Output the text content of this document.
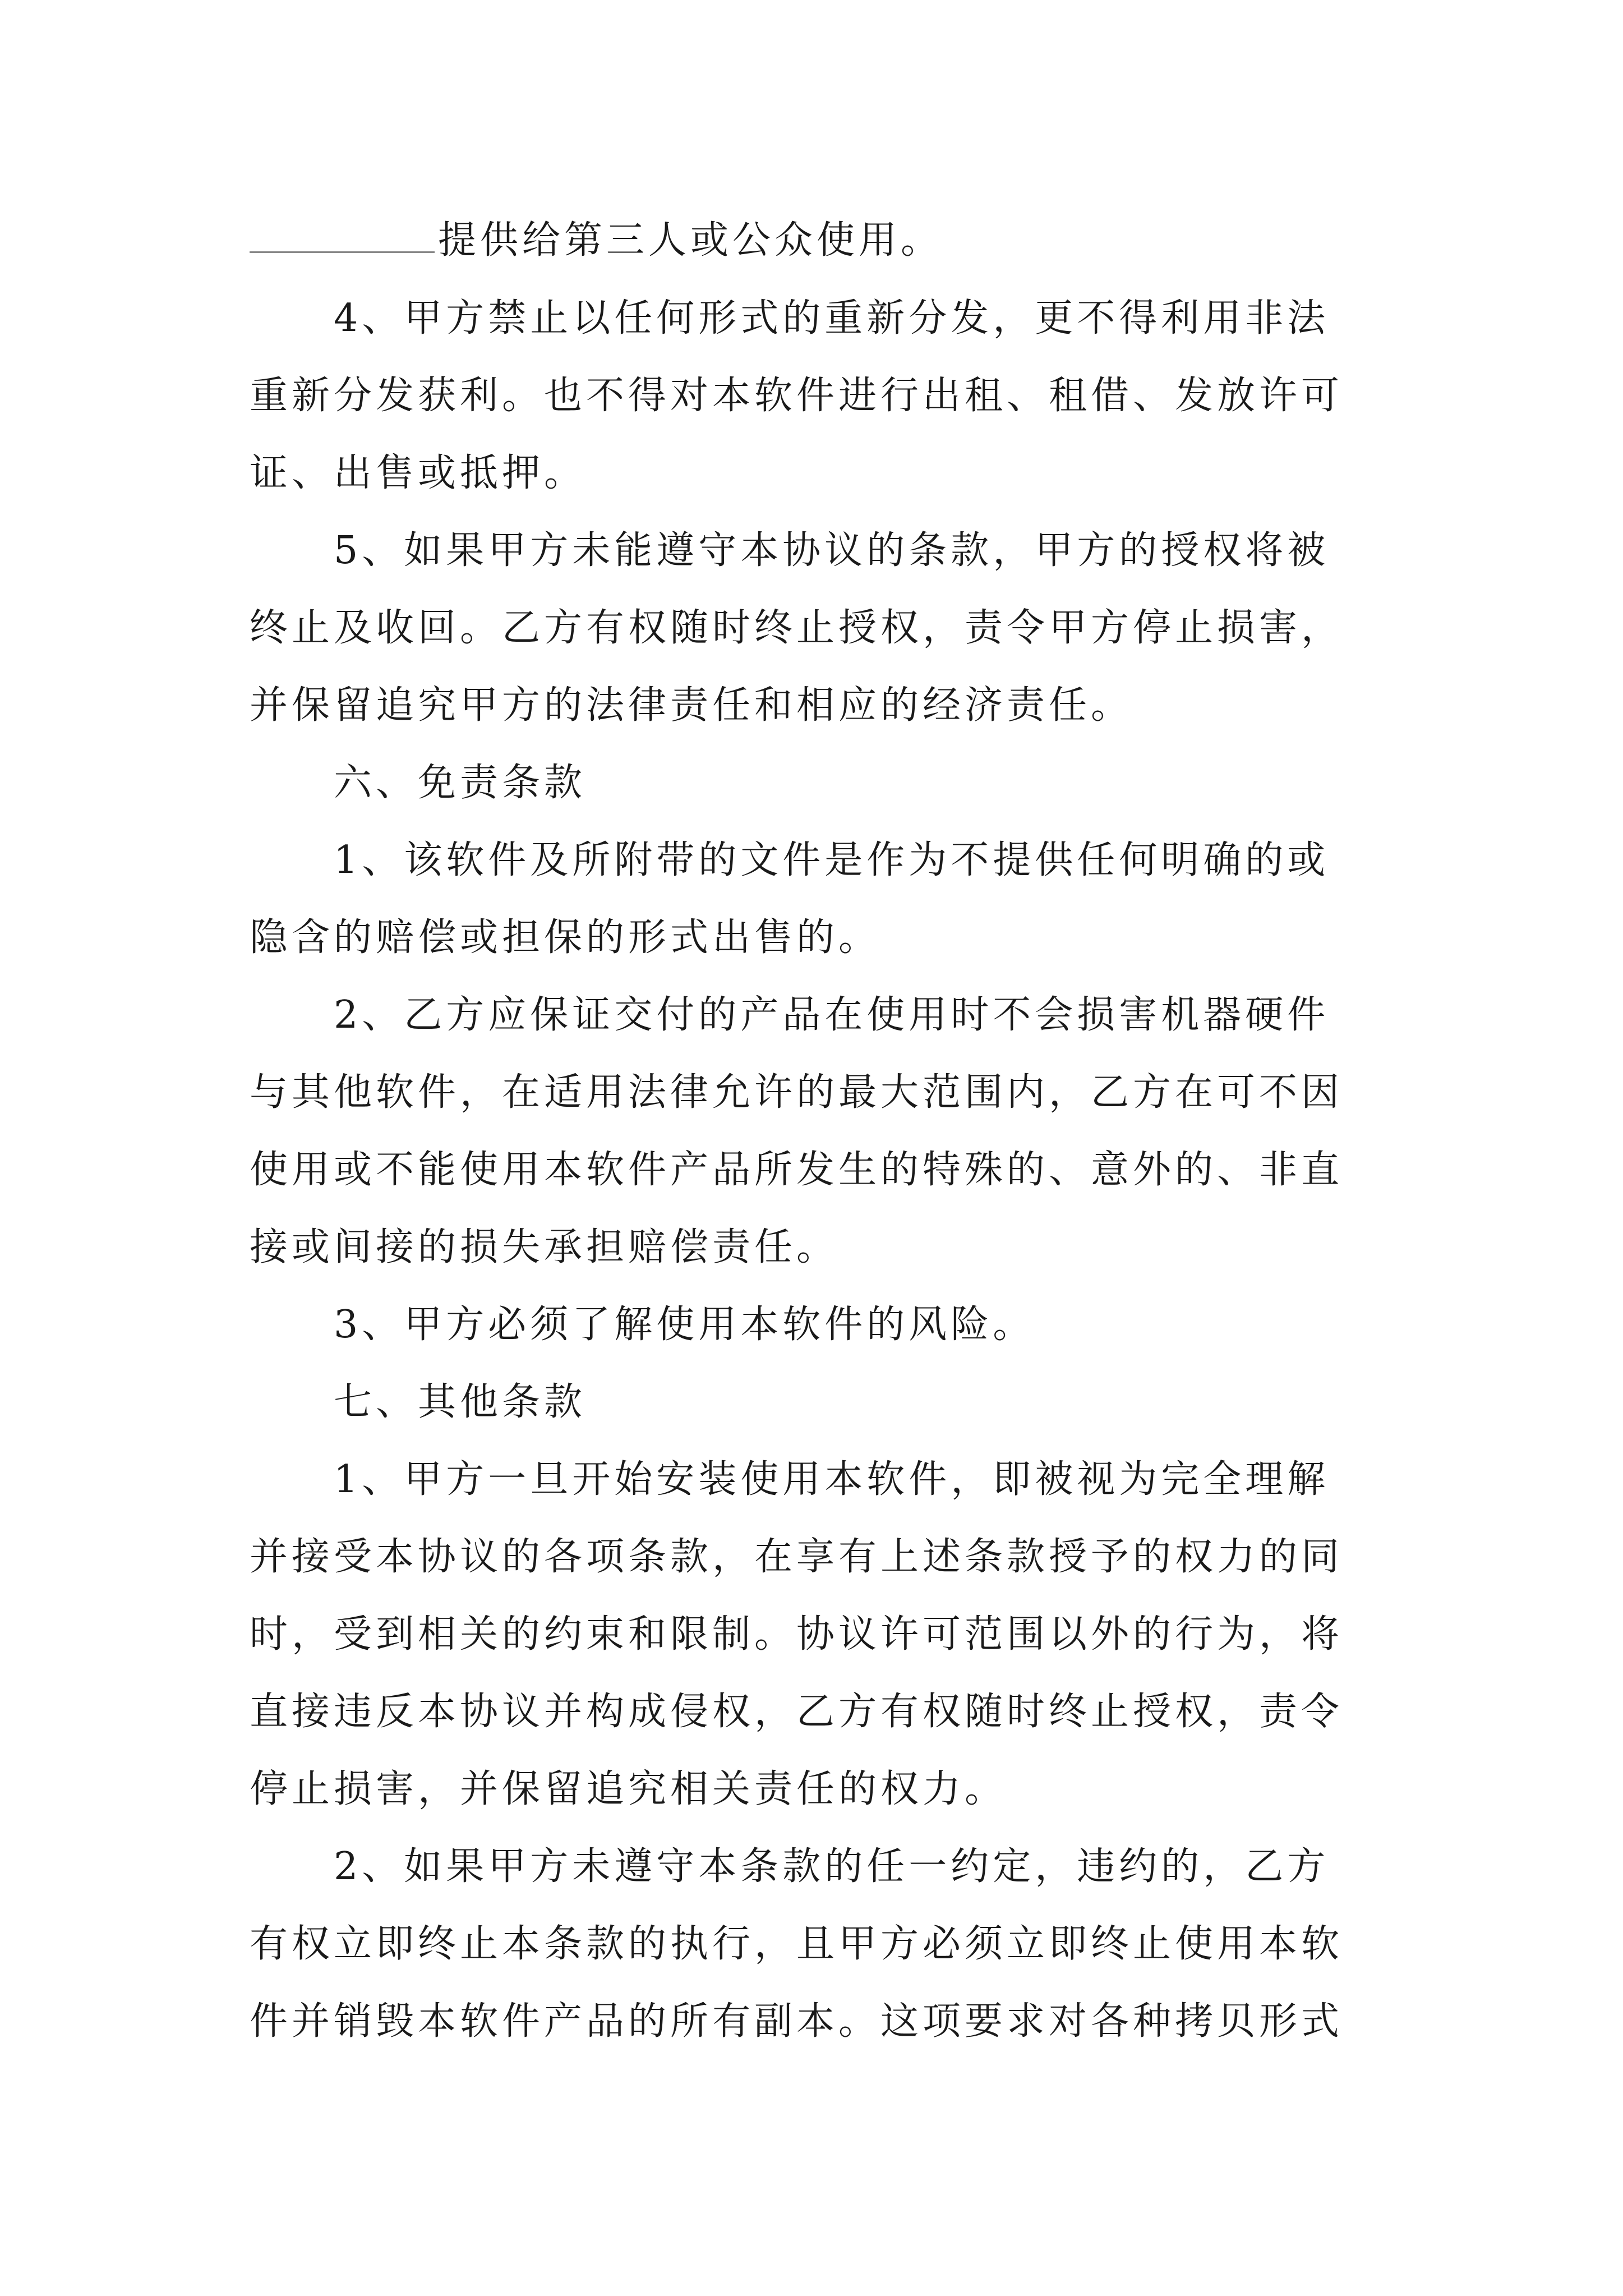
提供给第三人或公众使用。
4、甲方禁止以任何形式的重新分发，更不得利用非法
重新分发获利。也不得对本软件进行出租、租借、发放许可
证、出售或抵押。
5、如果甲方未能遵守本协议的条款，甲方的授权将被
终止及收回。乙方有权随时终止授权，责令甲方停止损害，
并保留追究甲方的法律责任和相应的经济责任。
六、免责条款
1、该软件及所附带的文件是作为不提供任何明确的或
隐含的赔偿或担保的形式出售的。
2、乙方应保证交付的产品在使用时不会损害机器硬件
与其他软件，在适用法律允许的最大范围内，乙方在可不因
使用或不能使用本软件产品所发生的特殊的、意外的、非直
接或间接的损失承担赔偿责任。
3、甲方必须了解使用本软件的风险。
七、其他条款
1、甲方一旦开始安装使用本软件，即被视为完全理解
并接受本协议的各项条款，在享有上述条款授予的权力的同
时，受到相关的约束和限制。协议许可范围以外的行为，将
直接违反本协议并构成侵权，乙方有权随时终止授权，责令
停止损害，并保留追究相关责任的权力。
2、如果甲方未遵守本条款的任一约定，违约的，乙方
有权立即终止本条款的执行，且甲方必须立即终止使用本软
件并销毁本软件产品的所有副本。这项要求对各种拷贝形式
